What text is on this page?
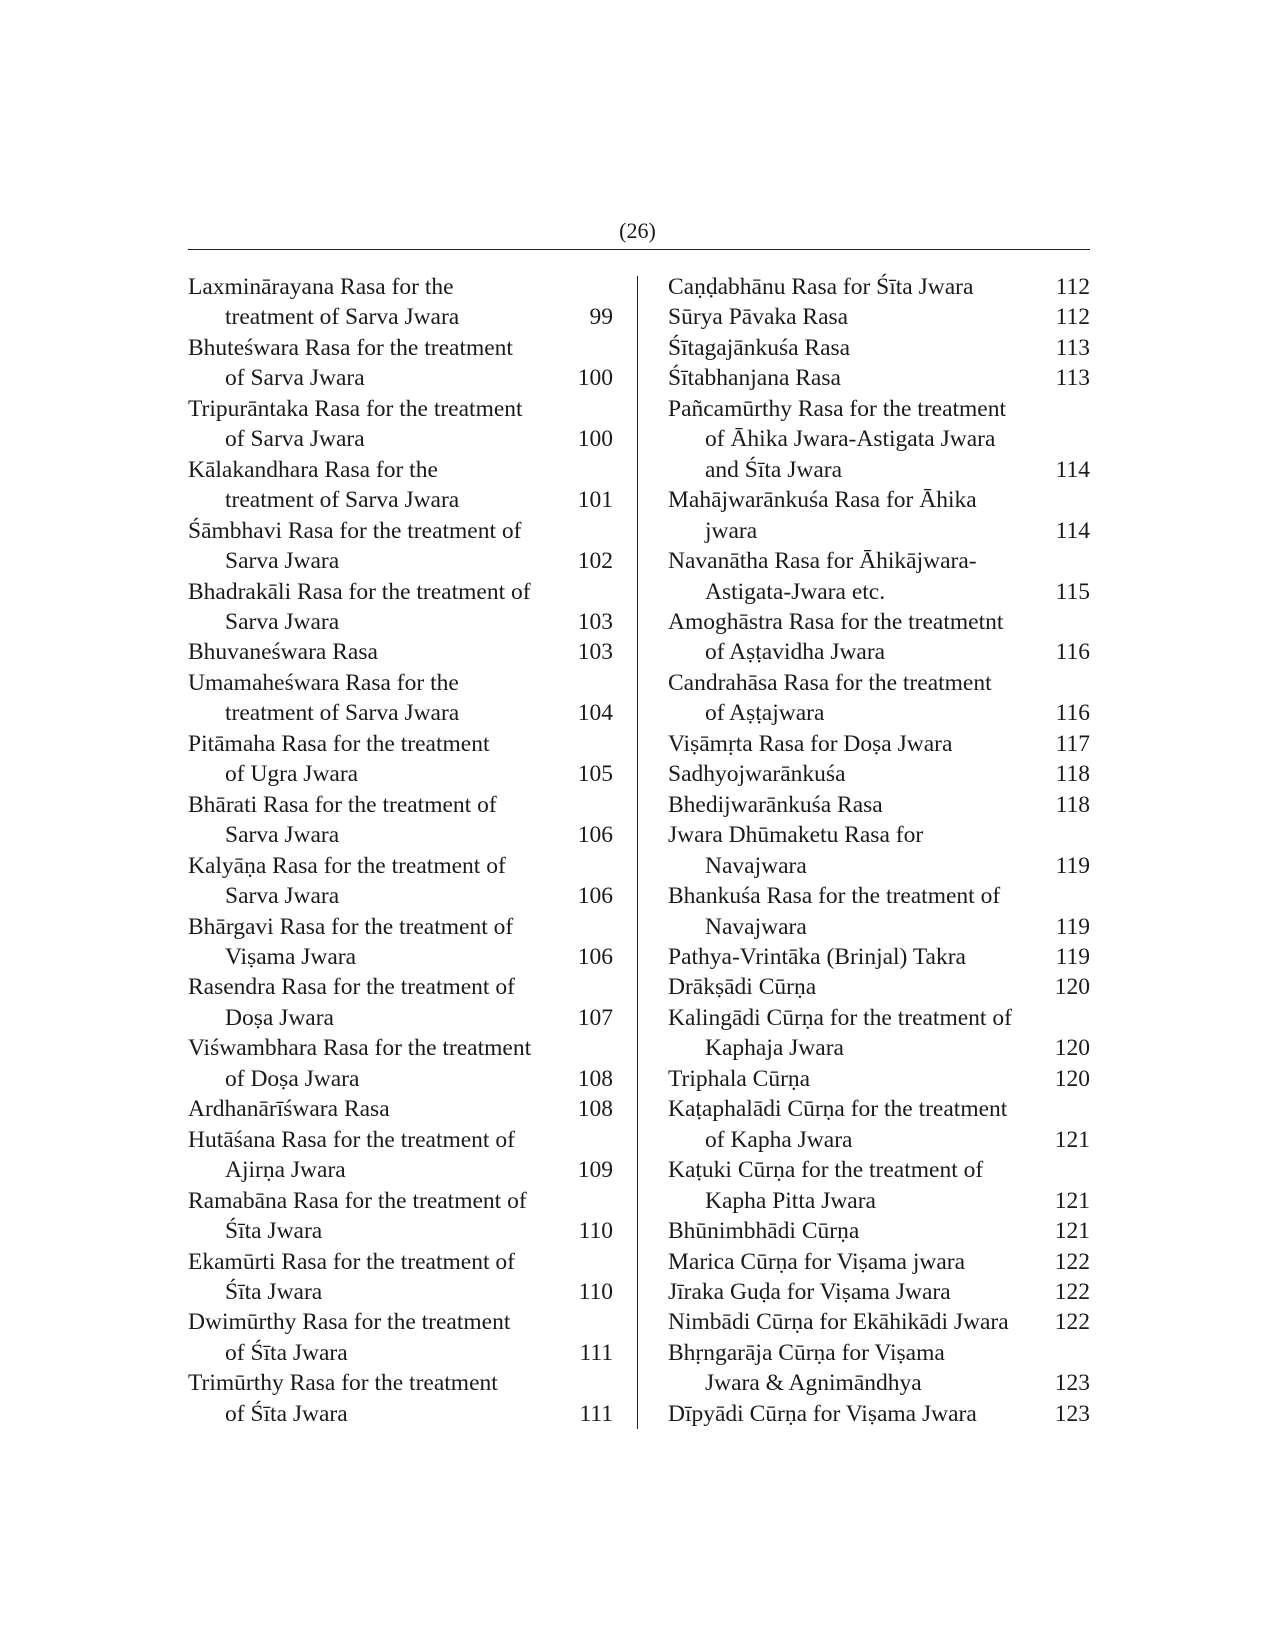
(26)
Laxminārayana Rasa for the
treatment of Sarva Jwara	99
Bhuteśwara Rasa for the treatment
of Sarva Jwara	100
Tripurāntaka Rasa for the treatment
of Sarva Jwara	100
Kālakandhara Rasa for the
treatment of Sarva Jwara	101
Śāmbhavi Rasa for the treatment of
Sarva Jwara	102
Bhadrakāli Rasa for the treatment of
Sarva Jwara	103
Bhuvaneśwara Rasa	103
Umamaheśwara Rasa for the
treatment of Sarva Jwara	104
Pitāmaha Rasa for the treatment
of Ugra Jwara	105
Bhārati Rasa for the treatment of
Sarva Jwara	106
Kalyāṇa Rasa for the treatment of
Sarva Jwara	106
Bhārgavi Rasa for the treatment of
Viṣama Jwara	106
Rasendra Rasa for the treatment of
Doṣa Jwara	107
Viśwambhara Rasa for the treatment
of Doṣa Jwara	108
Ardhanārīśwara Rasa	108
Hutāśana Rasa for the treatment of
Ajirṇa Jwara	109
Ramabāna Rasa for the treatment of
Śīta Jwara	110
Ekamūrti Rasa for the treatment of
Śīta Jwara	110
Dwimūrthy Rasa for the treatment
of Śīta Jwara	111
Trimūrthy Rasa for the treatment
of Śīta Jwara	111
Caṇḍabhānu Rasa for Śīta Jwara	112
Sūrya Pāvaka Rasa	112
Śītagajānkuśa Rasa	113
Śītabhanjana Rasa	113
Pañcamūrthy Rasa for the treatment
of Āhika Jwara-Astigata Jwara
and Śīta Jwara	114
Mahājwarānkuśa Rasa for Āhika
jwara	114
Navanātha Rasa for Āhikājwara-
Astigata-Jwara etc.	115
Amoghāstra Rasa for the treatmetnt
of Aṣṭavidha Jwara	116
Candrahāsa Rasa for the treatment
of Aṣṭajwara	116
Viṣāmṛta Rasa for Doṣa Jwara	117
Sadhyojwarānkuśa	118
Bhedijwarānkuśa Rasa	118
Jwara Dhūmaketu Rasa for
Navajwara	119
Bhankuśa Rasa for the treatment of
Navajwara	119
Pathya-Vrintāka (Brinjal) Takra	119
Drākṣādi Cūrṇa	120
Kalingādi Cūrṇa for the treatment of
Kaphaja Jwara	120
Triphala Cūrṇa	120
Kaṭaphalādi Cūrṇa for the treatment
of Kapha Jwara	121
Kaṭuki Cūrṇa for the treatment of
Kapha Pitta Jwara	121
Bhūnimbhādi Cūrṇa	121
Marica Cūrṇa for Viṣama jwara	122
Jīraka Guḍa for Viṣama Jwara	122
Nimbādi Cūrṇa for Ekāhikādi Jwara 122
Bhṛngarāja Cūrṇa for Viṣama
Jwara & Agnimāndhya	123
Dīpyādi Cūrṇa for Viṣama Jwara	123
